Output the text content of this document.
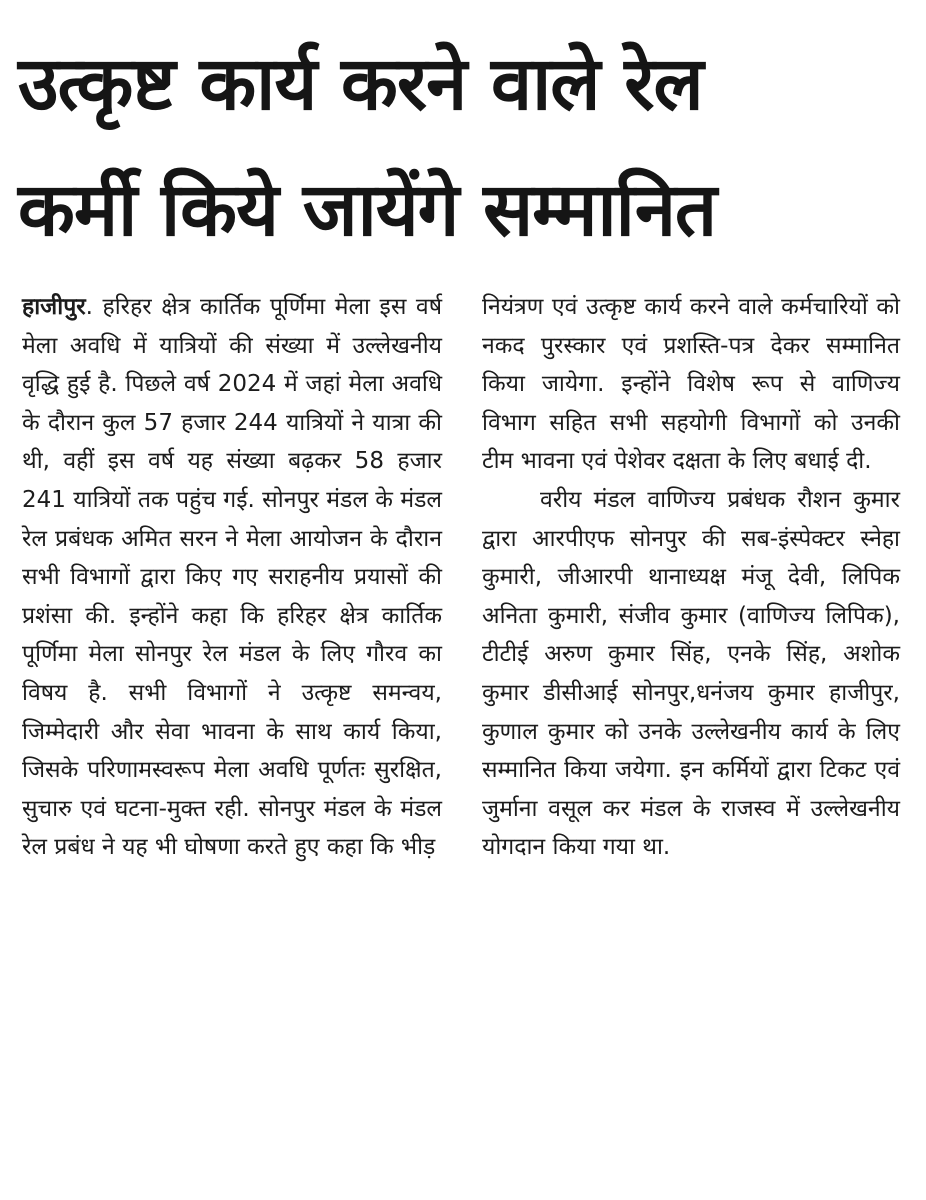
उत्कृष्ट कार्य करने वाले रेल
कर्मी किये जायेंगे सम्मानित

हाजीपुर. हरिहर क्षेत्र कार्तिक पूर्णिमा मेला इस वर्ष मेला अवधि में यात्रियों की संख्या में उल्लेखनीय वृद्धि हुई है. पिछले वर्ष 2024 में जहां मेला अवधि के दौरान कुल 57 हजार 244 यात्रियों ने यात्रा की थी, वहीं इस वर्ष यह संख्या बढ़कर 58 हजार 241 यात्रियों तक पहुंच गई. सोनपुर मंडल के मंडल रेल प्रबंधक अमित सरन ने मेला आयोजन के दौरान सभी विभागों द्वारा किए गए सराहनीय प्रयासों की प्रशंसा की. इन्होंने कहा कि हरिहर क्षेत्र कार्तिक पूर्णिमा मेला सोनपुर रेल मंडल के लिए गौरव का विषय है. सभी विभागों ने उत्कृष्ट समन्वय, जिम्मेदारी और सेवा भावना के साथ कार्य किया, जिसके परिणामस्वरूप मेला अवधि पूर्णतः सुरक्षित, सुचारु एवं घटना-मुक्त रही. सोनपुर मंडल के मंडल रेल प्रबंध ने यह भी घोषणा करते हुए कहा कि भीड़

नियंत्रण एवं उत्कृष्ट कार्य करने वाले कर्मचारियों को नकद पुरस्कार एवं प्रशस्ति-पत्र देकर सम्मानित किया जायेगा. इन्होंने विशेष रूप से वाणिज्य विभाग सहित सभी सहयोगी विभागों को उनकी टीम भावना एवं पेशेवर दक्षता के लिए बधाई दी.

वरीय मंडल वाणिज्य प्रबंधक रौशन कुमार द्वारा आरपीएफ सोनपुर की सब-इंस्पेक्टर स्नेहा कुमारी, जीआरपी थानाध्यक्ष मंजू देवी, लिपिक अनिता कुमारी, संजीव कुमार (वाणिज्य लिपिक), टीटीई अरुण कुमार सिंह, एनके सिंह, अशोक कुमार डीसीआई सोनपुर,धनंजय कुमार हाजीपुर, कुणाल कुमार को उनके उल्लेखनीय कार्य के लिए सम्मानित किया जयेगा. इन कर्मियों द्वारा टिकट एवं जुर्माना वसूल कर मंडल के राजस्व में उल्लेखनीय योगदान किया गया था.
